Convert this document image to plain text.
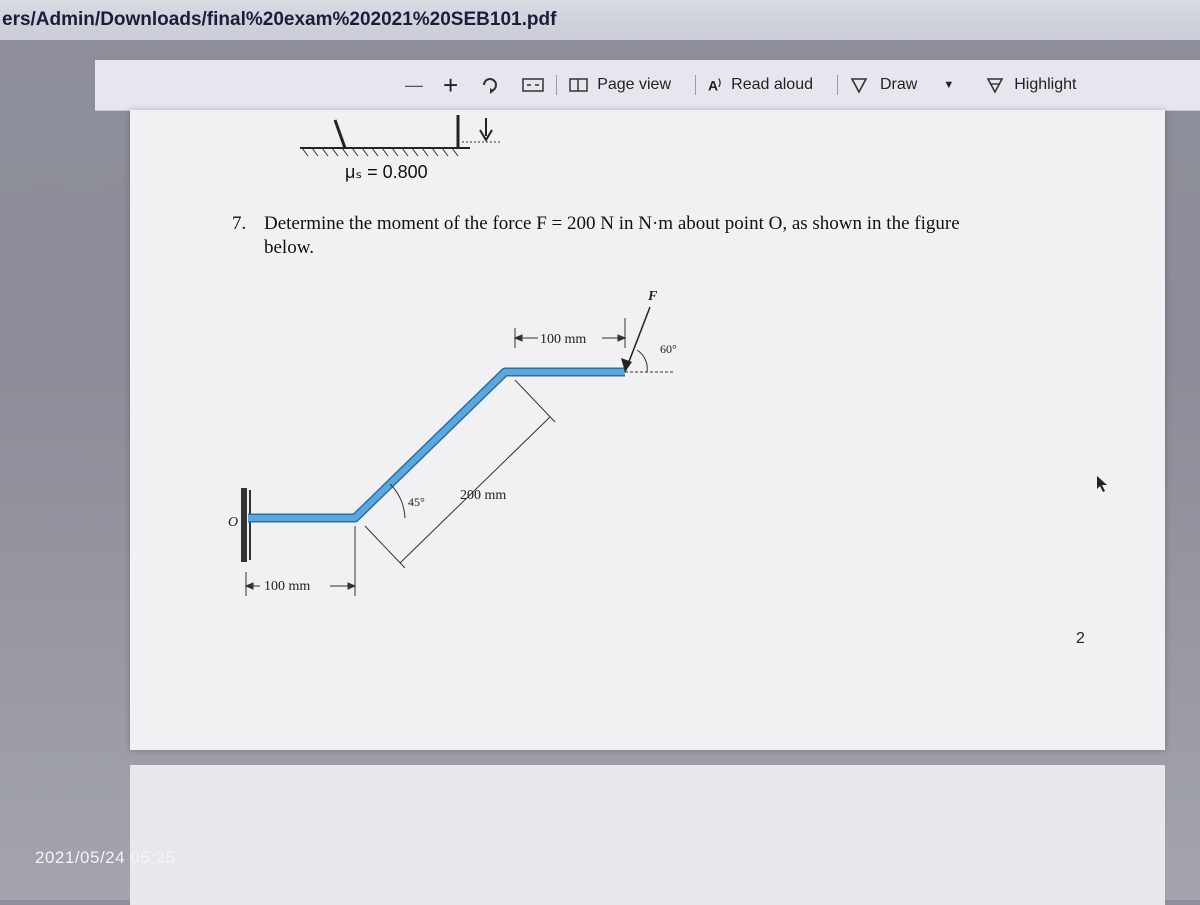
ers/Admin/Downloads/final%20exam%202021%20SEB101.pdf
— +	Page view	A) Read aloud	Draw ▼	Highlight
μₛ = 0.800
7. Determine the moment of the force F = 200 N in N·m about point O, as shown in the figure
below.
F
100 mm
60°
45°	200 mm
100 mm
O
2
2021/05/24 05:25
